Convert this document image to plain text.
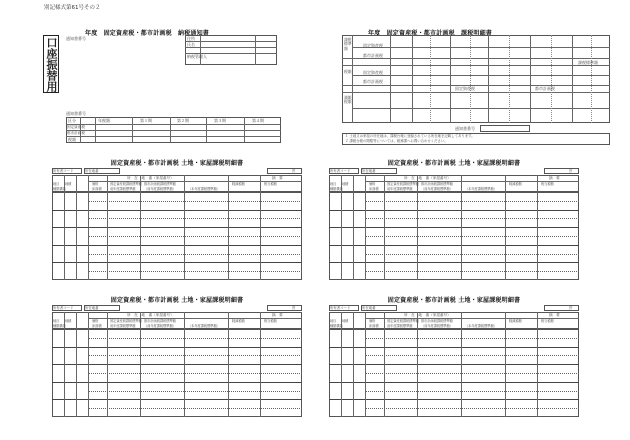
別記様式第61号その２
年度　固定資産税・都市計画税　納税通知書
口座振替用 通知書番号	住所
氏名
納税管理人
通知書番号
区分	年税額	第１期	第２期	第３期	第４期
固定資産税
都市計画税
税額
年度　固定資産税・都市計画税　課税明細書
課税標準額
税額
減額税額
固定資産税
都市計画税
固定資産税
都市計画税
課税標準額
固定資産税	都市計画税
通知書番号
１ 土地又は家屋の所在地は、課税台帳に登録されている所在地を記載してあります。
２ 課税台帳の閲覧等については、税務課へお問い合わせください。
固定資産税・都市計画税 土地・家屋課税明細書
所有者コード	所在地番	頁
所　在　地　番（家屋番号）	摘　要
地目 地積	価格	固定資産税課税標準額 都市計画税課税標準額	軽減税額	相当税額
種類構造	床面積	前年度課税標準額	（前年度課税標準額）	（本年度課税標準額）
固定資産税・都市計画税 土地・家屋課税明細書
所有者コード	所在地番	頁
所　在　地　番（家屋番号）	摘　要
地目 地積	価格	固定資産税課税標準額 都市計画税課税標準額	軽減税額	相当税額
種類構造	床面積	前年度課税標準額	（前年度課税標準額）	（本年度課税標準額）
固定資産税・都市計画税 土地・家屋課税明細書
所有者コード	所在地番	頁
所　在　地　番（家屋番号）	摘　要
地目 地積	価格	固定資産税課税標準額 都市計画税課税標準額	軽減税額	相当税額
種類構造	床面積	前年度課税標準額	（前年度課税標準額）	（本年度課税標準額）
固定資産税・都市計画税 土地・家屋課税明細書
所有者コード	所在地番	頁
所　在　地　番（家屋番号）	摘　要
地目 地積	価格	固定資産税課税標準額 都市計画税課税標準額	軽減税額	相当税額
種類構造	床面積	前年度課税標準額	（前年度課税標準額）	（本年度課税標準額）
